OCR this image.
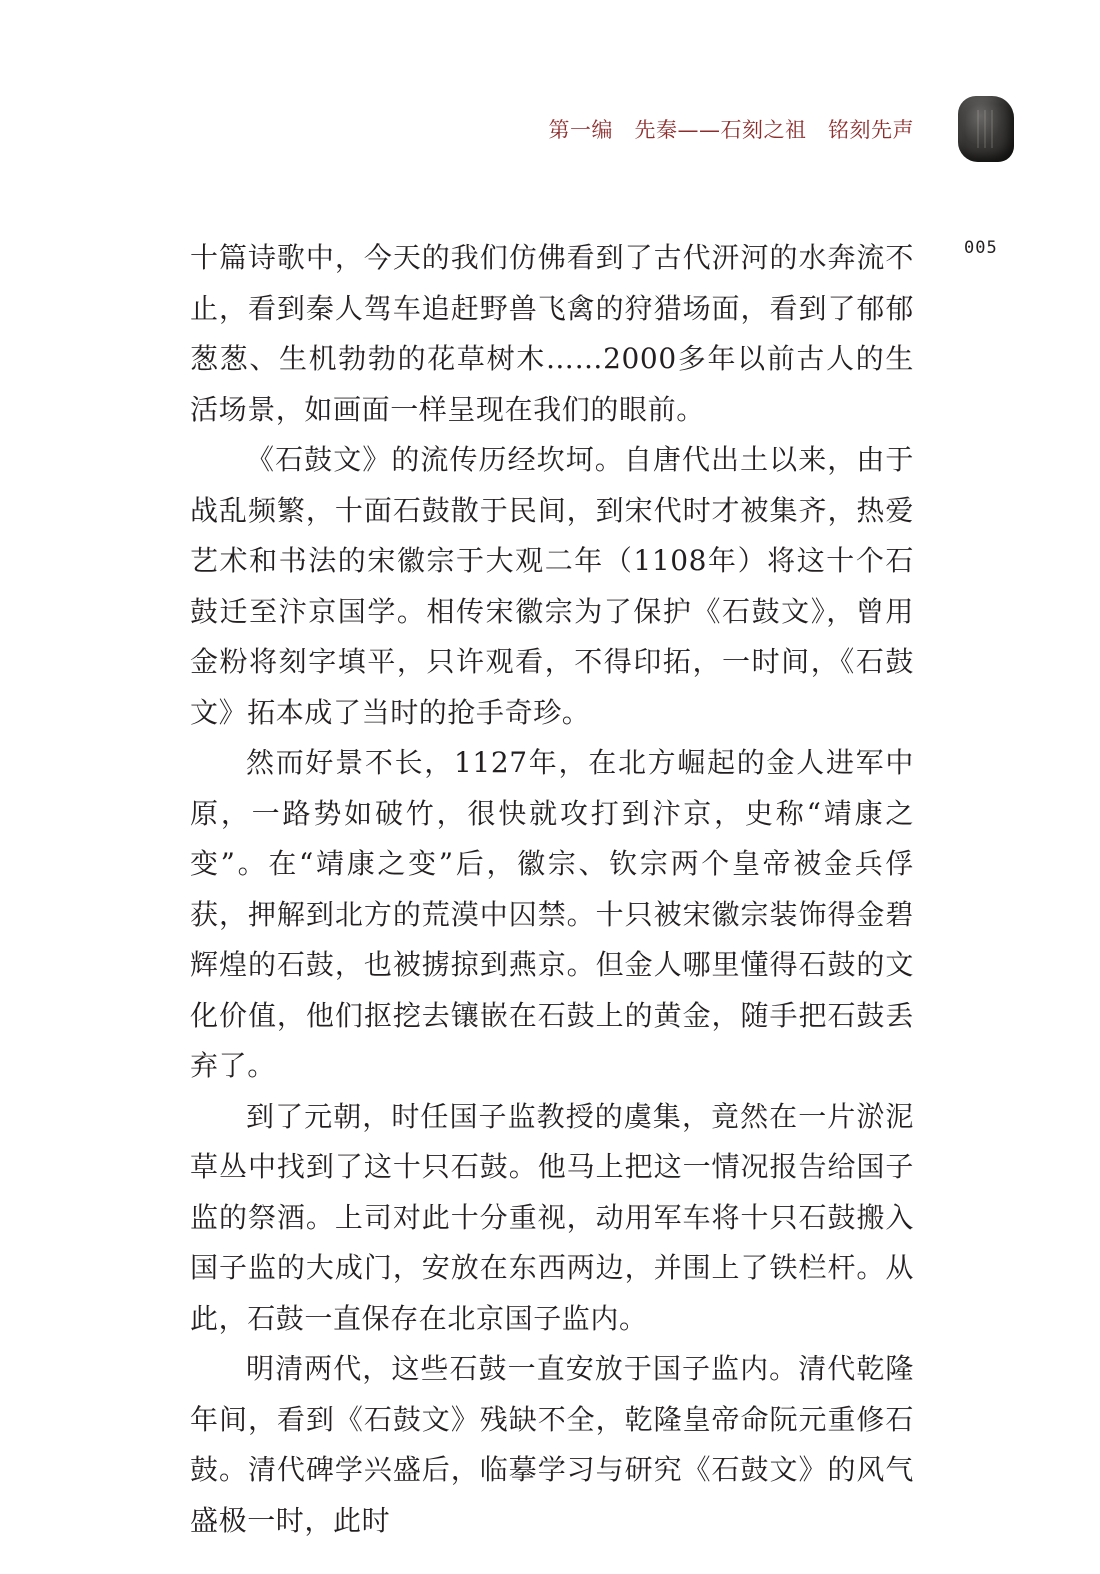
第一编　先秦——石刻之祖　铭刻先声
005

十篇诗歌中，今天的我们仿佛看到了古代汧河的水奔流不止，看到秦人驾车追赶野兽飞禽的狩猎场面，看到了郁郁葱葱、生机勃勃的花草树木……2000多年以前古人的生活场景，如画面一样呈现在我们的眼前。

《石鼓文》的流传历经坎坷。自唐代出土以来，由于战乱频繁，十面石鼓散于民间，到宋代时才被集齐，热爱艺术和书法的宋徽宗于大观二年（1108年）将这十个石鼓迁至汴京国学。相传宋徽宗为了保护《石鼓文》，曾用金粉将刻字填平，只许观看，不得印拓，一时间，《石鼓文》拓本成了当时的抢手奇珍。

然而好景不长，1127年，在北方崛起的金人进军中原，一路势如破竹，很快就攻打到汴京，史称“靖康之变”。在“靖康之变”后，徽宗、钦宗两个皇帝被金兵俘获，押解到北方的荒漠中囚禁。十只被宋徽宗装饰得金碧辉煌的石鼓，也被掳掠到燕京。但金人哪里懂得石鼓的文化价值，他们抠挖去镶嵌在石鼓上的黄金，随手把石鼓丢弃了。

到了元朝，时任国子监教授的虞集，竟然在一片淤泥草丛中找到了这十只石鼓。他马上把这一情况报告给国子监的祭酒。上司对此十分重视，动用军车将十只石鼓搬入国子监的大成门，安放在东西两边，并围上了铁栏杆。从此，石鼓一直保存在北京国子监内。

明清两代，这些石鼓一直安放于国子监内。清代乾隆年间，看到《石鼓文》残缺不全，乾隆皇帝命阮元重修石鼓。清代碑学兴盛后，临摹学习与研究《石鼓文》的风气盛极一时，此时
